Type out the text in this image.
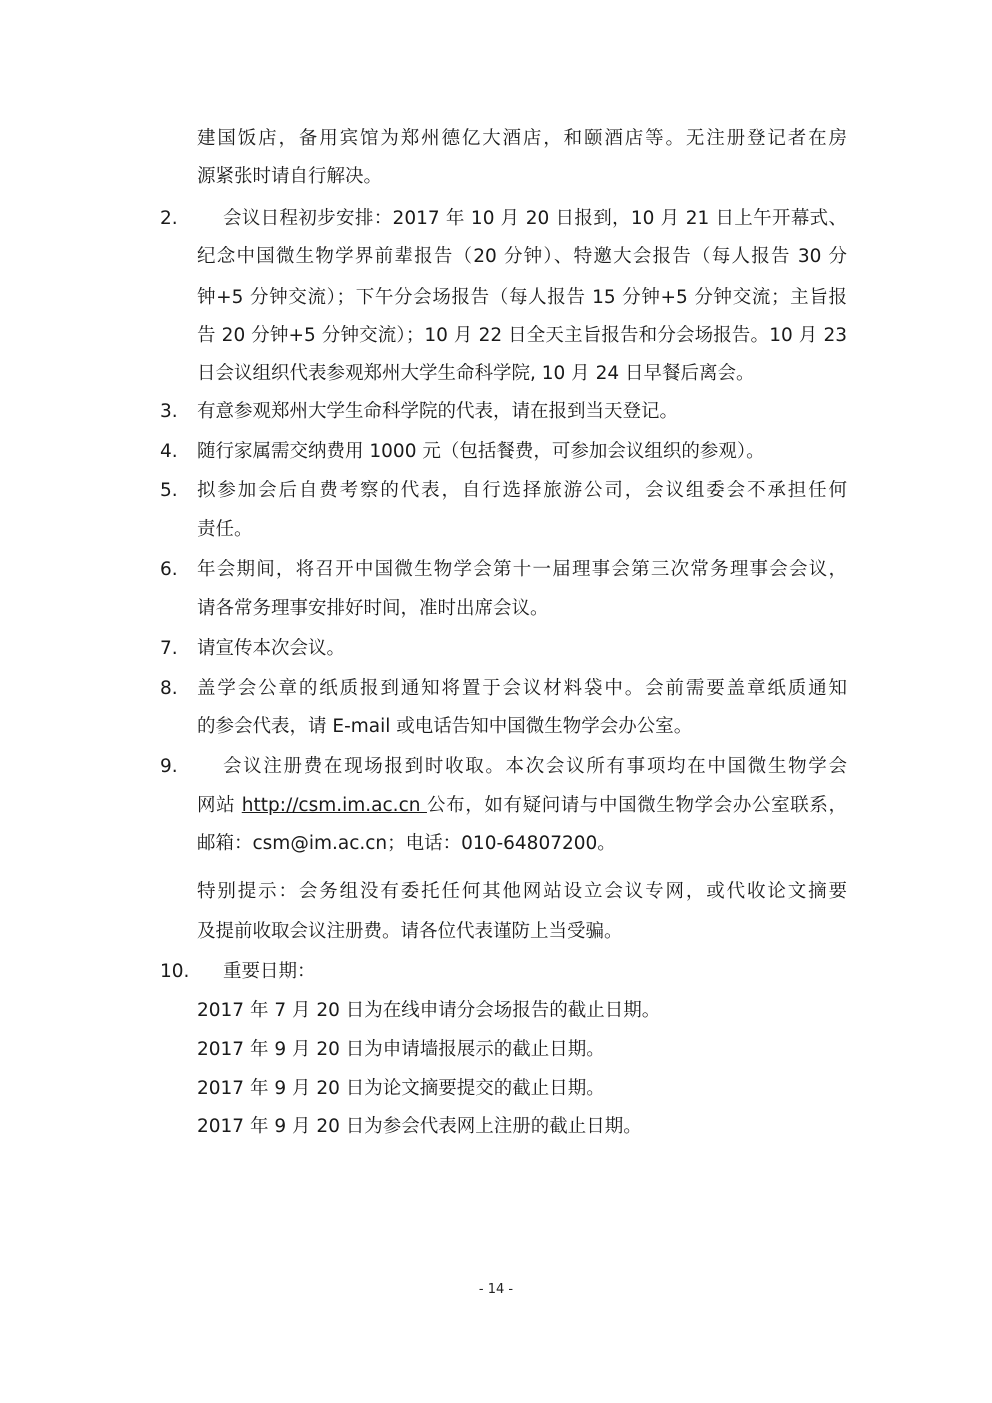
建国饭店，备用宾馆为郑州德亿大酒店，和颐酒店等。无注册登记者在房
源紧张时请自行解决。
2.	会议日程初步安排：2017 年 10 月 20 日报到，10 月 21 日上午开幕式、
纪念中国微生物学界前辈报告（20 分钟）、特邀大会报告（每人报告 30 分
钟+5 分钟交流）；下午分会场报告（每人报告 15 分钟+5 分钟交流；主旨报
告 20 分钟+5 分钟交流）；10 月 22 日全天主旨报告和分会场报告。10 月 23
日会议组织代表参观郑州大学生命科学院, 10 月 24 日早餐后离会。
3.	有意参观郑州大学生命科学院的代表，请在报到当天登记。
4.	随行家属需交纳费用 1000 元（包括餐费，可参加会议组织的参观）。
5.	拟参加会后自费考察的代表，自行选择旅游公司，会议组委会不承担任何
责任。
6.	年会期间，将召开中国微生物学会第十一届理事会第三次常务理事会会议，
请各常务理事安排好时间，准时出席会议。
7.	请宣传本次会议。
8.	盖学会公章的纸质报到通知将置于会议材料袋中。会前需要盖章纸质通知
的参会代表，请 E-mail 或电话告知中国微生物学会办公室。
9.	会议注册费在现场报到时收取。本次会议所有事项均在中国微生物学会
网站 http://csm.im.ac.cn 公布，如有疑问请与中国微生物学会办公室联系，
邮箱：csm@im.ac.cn；电话：010-64807200。
特别提示：会务组没有委托任何其他网站设立会议专网，或代收论文摘要
及提前收取会议注册费。请各位代表谨防上当受骗。
10.	重要日期：
2017 年 7 月 20 日为在线申请分会场报告的截止日期。
2017 年 9 月 20 日为申请墙报展示的截止日期。
2017 年 9 月 20 日为论文摘要提交的截止日期。
2017 年 9 月 20 日为参会代表网上注册的截止日期。
- 14 -
